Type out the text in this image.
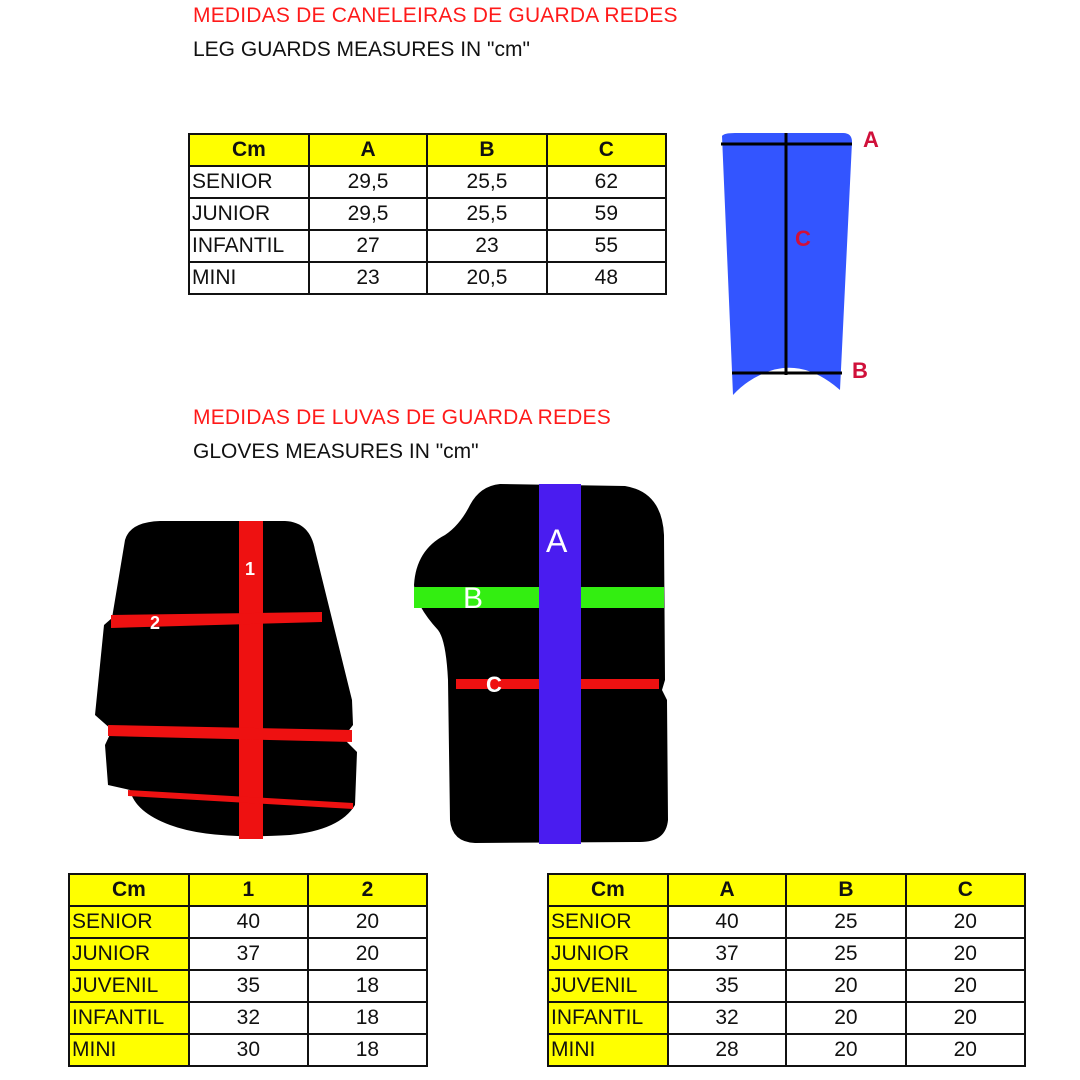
MEDIDAS DE CANELEIRAS DE GUARDA REDES
LEG GUARDS MEASURES IN "cm"
Cm	A	B	C
SENIOR	29,5	25,5	62
JUNIOR	29,5	25,5	59
INFANTIL	27	23	55
MINI	23	20,5	48
A
C
B
MEDIDAS DE LUVAS DE GUARDA REDES
GLOVES MEASURES IN "cm"
1
2
A
B
C
Cm	1	2
SENIOR	40	20
JUNIOR	37	20
JUVENIL	35	18
INFANTIL	32	18
MINI	30	18
Cm	A	B	C
SENIOR	40	25	20
JUNIOR	37	25	20
JUVENIL	35	20	20
INFANTIL	32	20	20
MINI	28	20	20
